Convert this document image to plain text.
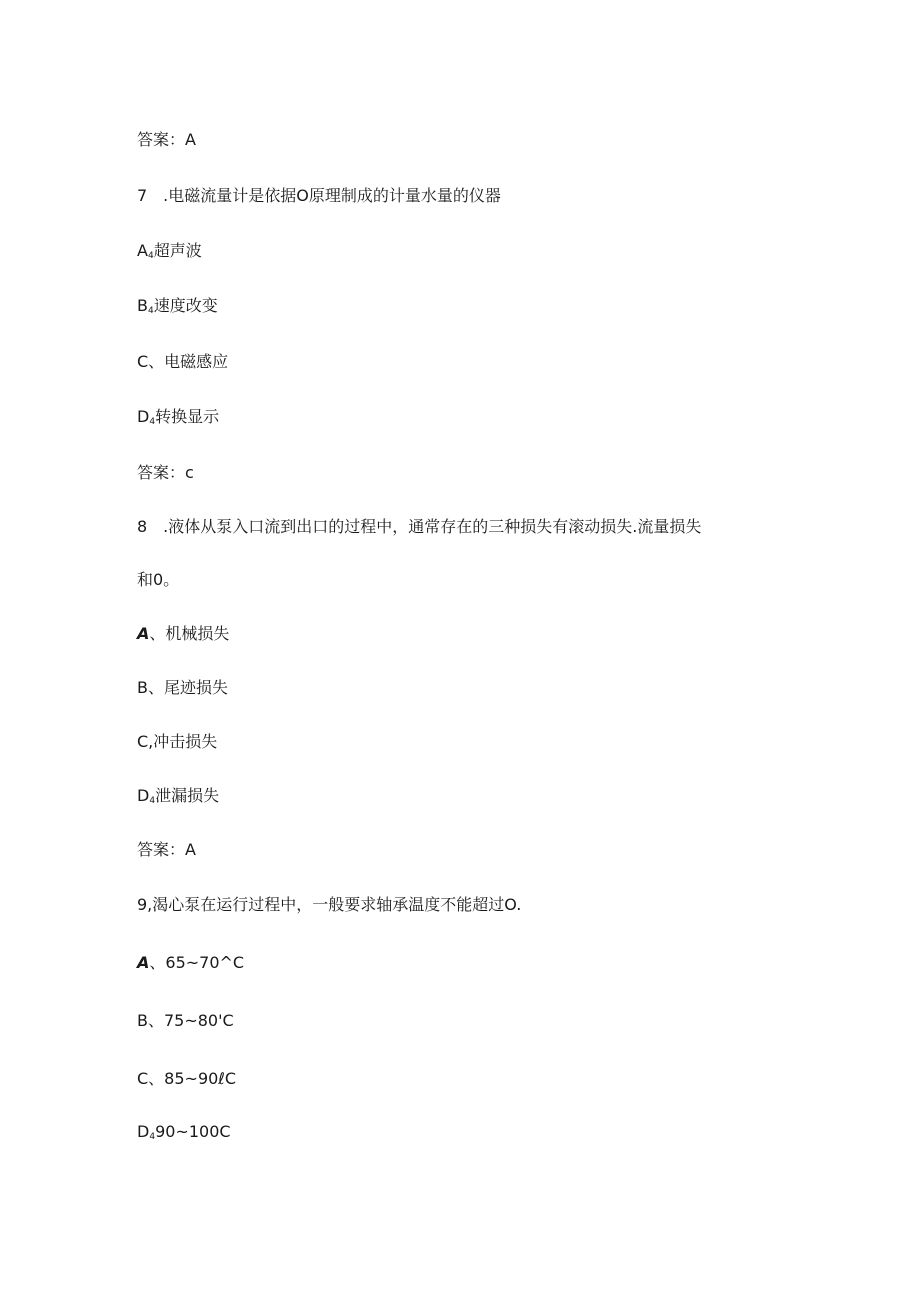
答案：A
7　.电磁流量计是依据O原理制成的计量水量的仪器
$A_4$超声波
$B_4$速度改变
C、电磁感应
$D_4$转换显示
答案：c
8　.液体从泵入口流到出口的过程中，通常存在的三种损失有滚动损失.流量损失
和0。
A、机械损失
B、尾迹损失
C,冲击损失
$D_4$泄漏损失
答案：A
9,渴心泵在运行过程中，一般要求轴承温度不能超过O.
A、65~70^C
B、75~80'C
C、85~90ℓC
$D_490\sim 100C$
